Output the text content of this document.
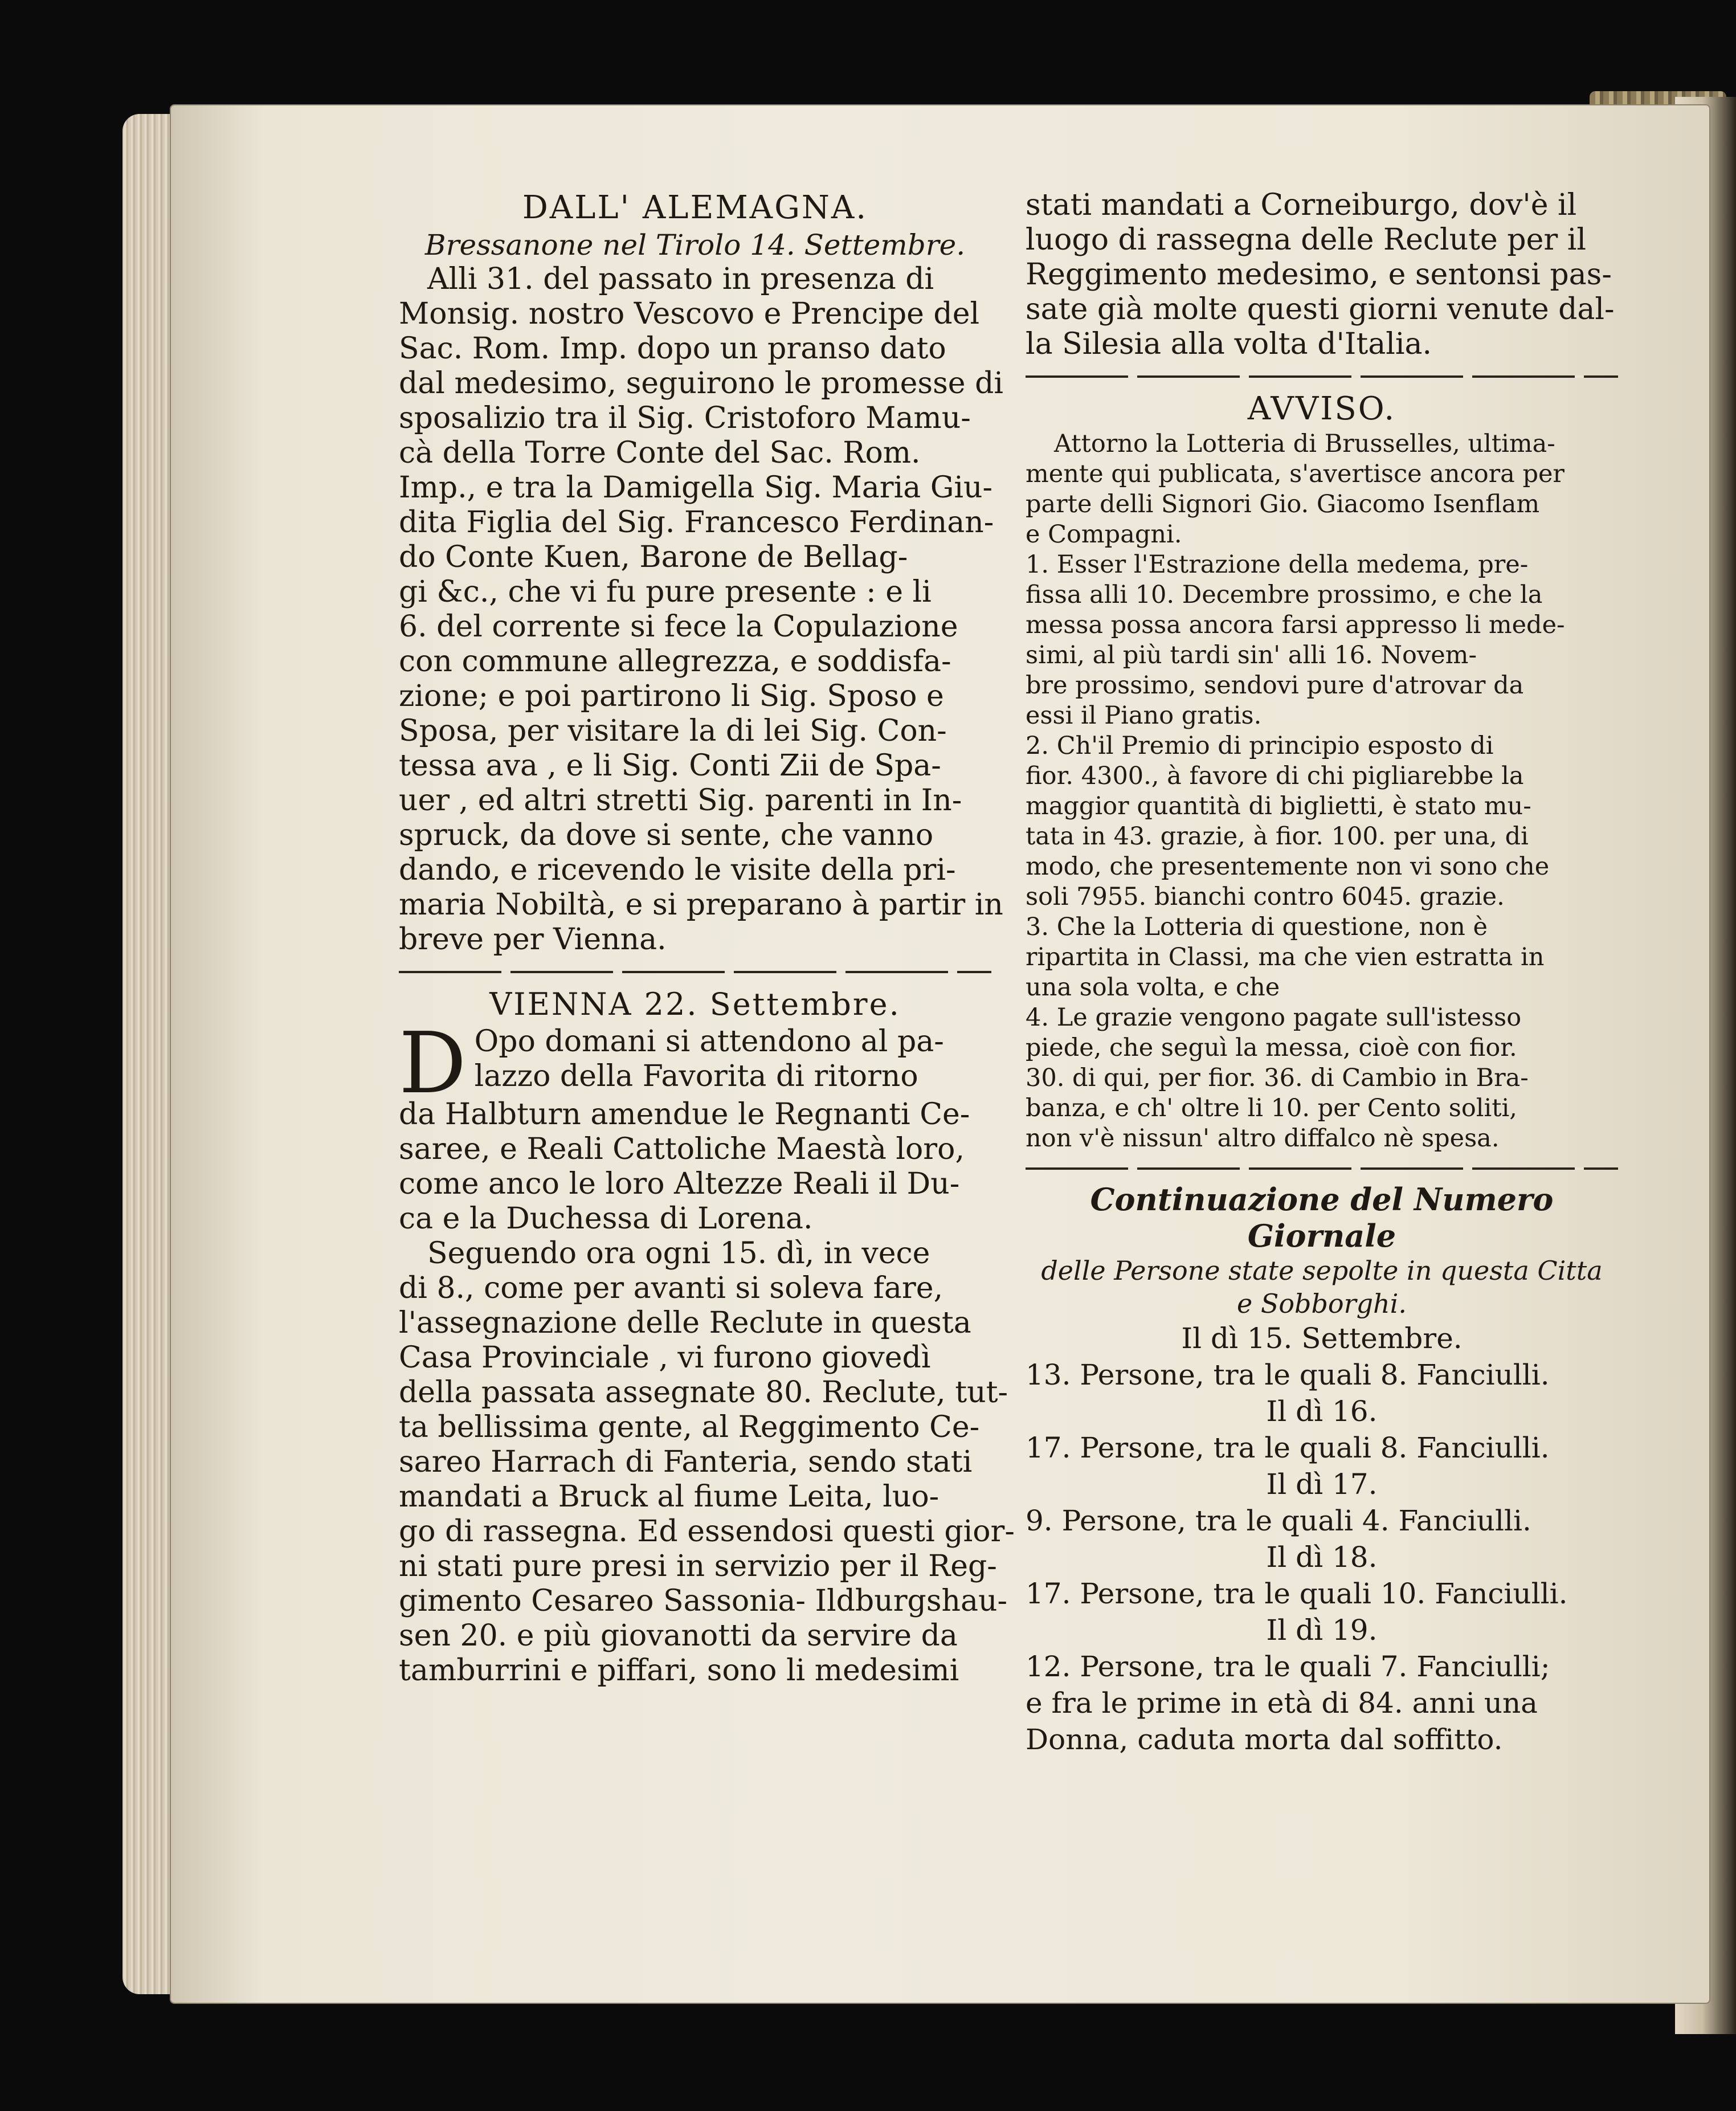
DALL' ALEMAGNA.
Bressanone nel Tirolo 14. Settembre.
Alli 31. del passato in presenza di
Monsig. nostro Vescovo e Prencipe del
Sac. Rom. Imp. dopo un pranso dato
dal medesimo, seguirono le promesse di
sposalizio tra il Sig. Cristoforo Mamu-
cà della Torre Conte del Sac. Rom.
Imp., e tra la Damigella Sig. Maria Giu-
dita Figlia del Sig. Francesco Ferdinan-
do Conte Kuen, Barone de Bellag-
gi &c., che vi fu pure presente : e li
6. del corrente si fece la Copulazione
con commune allegrezza, e soddisfa-
zione; e poi partirono li Sig. Sposo e
Sposa, per visitare la di lei Sig. Con-
tessa ava , e li Sig. Conti Zii de Spa-
uer , ed altri stretti Sig. parenti in In-
spruck, da dove si sente, che vanno
dando, e ricevendo le visite della pri-
maria Nobiltà, e si preparano à partir in
breve per Vienna.
VIENNA 22. Settembre.
D Opo domani si attendono al pa-
lazzo della Favorita di ritorno
da Halbturn amendue le Regnanti Ce-
saree, e Reali Cattoliche Maestà loro,
come anco le loro Altezze Reali il Du-
ca e la Duchessa di Lorena.
Seguendo ora ogni 15. dì, in vece
di 8., come per avanti si soleva fare,
l'assegnazione delle Reclute in questa
Casa Provinciale , vi furono giovedì
della passata assegnate 80. Reclute, tut-
ta bellissima gente, al Reggimento Ce-
sareo Harrach di Fanteria, sendo stati
mandati a Bruck al fiume Leita, luo-
go di rassegna. Ed essendosi questi gior-
ni stati pure presi in servizio per il Reg-
gimento Cesareo Sassonia- Ildburgshau-
sen 20. e più giovanotti da servire da
tamburrini e piffari, sono li medesimi
stati mandati a Corneiburgo, dov'è il
luogo di rassegna delle Reclute per il
Reggimento medesimo, e sentonsi pas-
sate già molte questi giorni venute dal-
la Silesia alla volta d'Italia.
AVVISO.
Attorno la Lotteria di Brusselles, ultima-
mente qui publicata, s'avertisce ancora per
parte delli Signori Gio. Giacomo Isenflam
e Compagni.
1. Esser l'Estrazione della medema, pre-
fissa alli 10. Decembre prossimo, e che la
messa possa ancora farsi appresso li mede-
simi, al più tardi sin' alli 16. Novem-
bre prossimo, sendovi pure d'atrovar da
essi il Piano gratis.
2. Ch'il Premio di principio esposto di
fior. 4300., à favore di chi pigliarebbe la
maggior quantità di biglietti, è stato mu-
tata in 43. grazie, à fior. 100. per una, di
modo, che presentemente non vi sono che
soli 7955. bianchi contro 6045. grazie.
3. Che la Lotteria di questione, non è
ripartita in Classi, ma che vien estratta in
una sola volta, e che
4. Le grazie vengono pagate sull'istesso
piede, che seguì la messa, cioè con fior.
30. di qui, per fior. 36. di Cambio in Bra-
banza, e ch' oltre li 10. per Cento soliti,
non v'è nissun' altro diffalco nè spesa.
Continuazione del Numero Giornale
delle Persone state sepolte in questa Citta
e Sobborghi.
Il dì 15. Settembre.
13. Persone, tra le quali 8. Fanciulli.
Il dì 16.
17. Persone, tra le quali 8. Fanciulli.
Il dì 17.
9. Persone, tra le quali 4. Fanciulli.
Il dì 18.
17. Persone, tra le quali 10. Fanciulli.
Il dì 19.
12. Persone, tra le quali 7. Fanciulli;
e fra le prime in età di 84. anni una
Donna, caduta morta dal soffitto.
